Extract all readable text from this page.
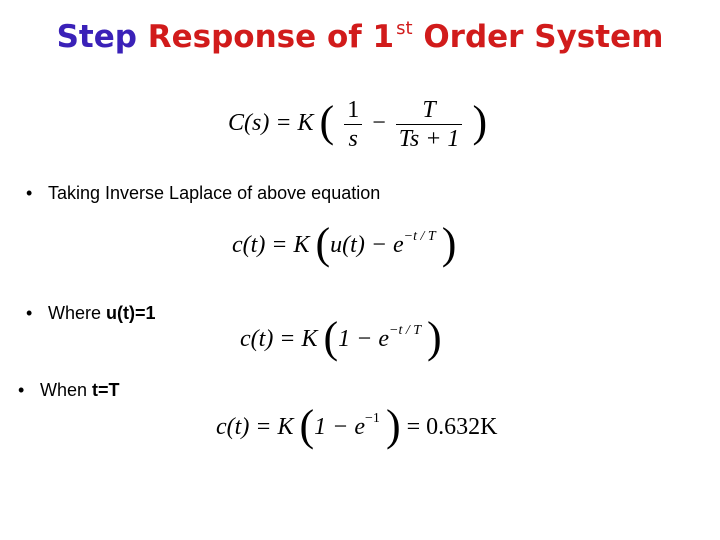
Step Response of 1 $^{st}$ Order System
C(s) = K ( $\frac{1}{s} - \frac{T}{Ts + 1}$ )
• Taking Inverse Laplace of above equation
c(t) = K ($u(t) - e^{-t / T}$ )
• Where u(t)=1
c(t) = K ($1 - e^{-t / T}$ )
• When t=T
c(t) = K ($1 - e^{-1}$ ) = 0.632K
